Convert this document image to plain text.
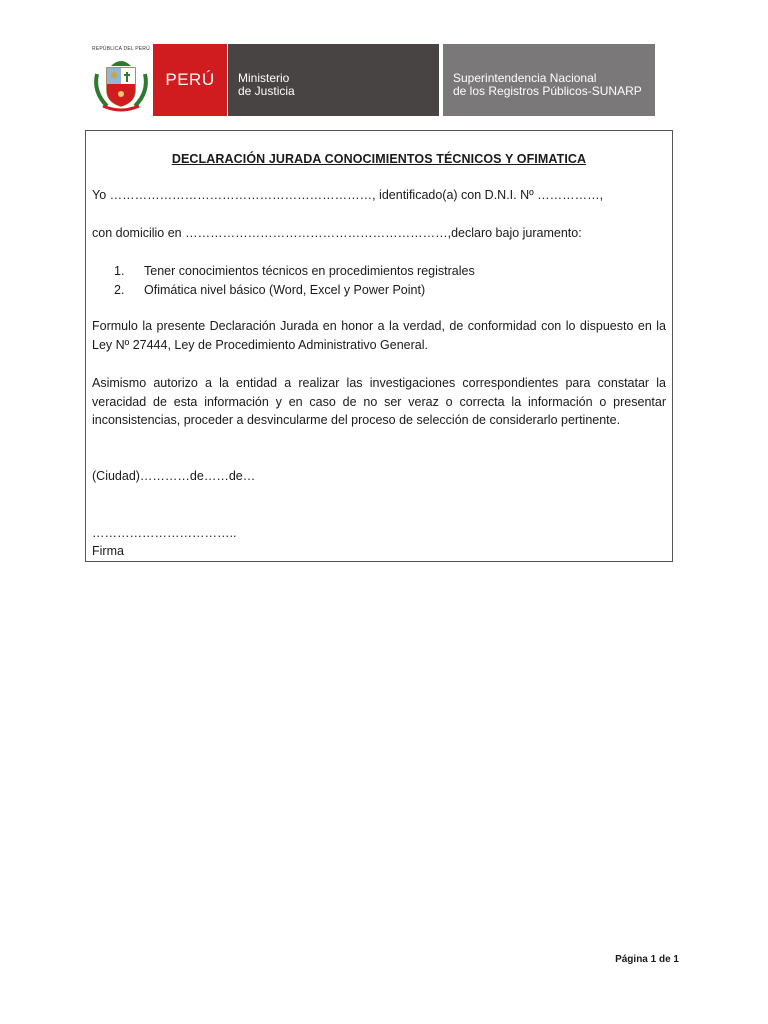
REPÚBLICA DEL PERÚ
PERÚ Ministerio
de Justicia
Superintendencia Nacional
de los Registros Públicos-SUNARP
DECLARACIÓN JURADA CONOCIMIENTOS TÉCNICOS Y OFIMATICA
Yo ………………………………………………………, identificado(a) con D.N.I. Nº ……………,
con domicilio en ………………………………………………………,declaro bajo juramento:
1.	Tener conocimientos técnicos en procedimientos registrales
2.	Ofimática nivel básico (Word, Excel y Power Point)
Formulo la presente Declaración Jurada en honor a la verdad, de conformidad con lo dispuesto en la Ley Nº 27444, Ley de Procedimiento Administrativo General.
Asimismo autorizo a la entidad a realizar las investigaciones correspondientes para constatar la veracidad de esta información y en caso de no ser veraz o correcta la información o presentar inconsistencias, proceder a desvincularme del proceso de selección de considerarlo pertinente.
(Ciudad)…………de……de…
……………………………..
Firma
Página 1 de 1
